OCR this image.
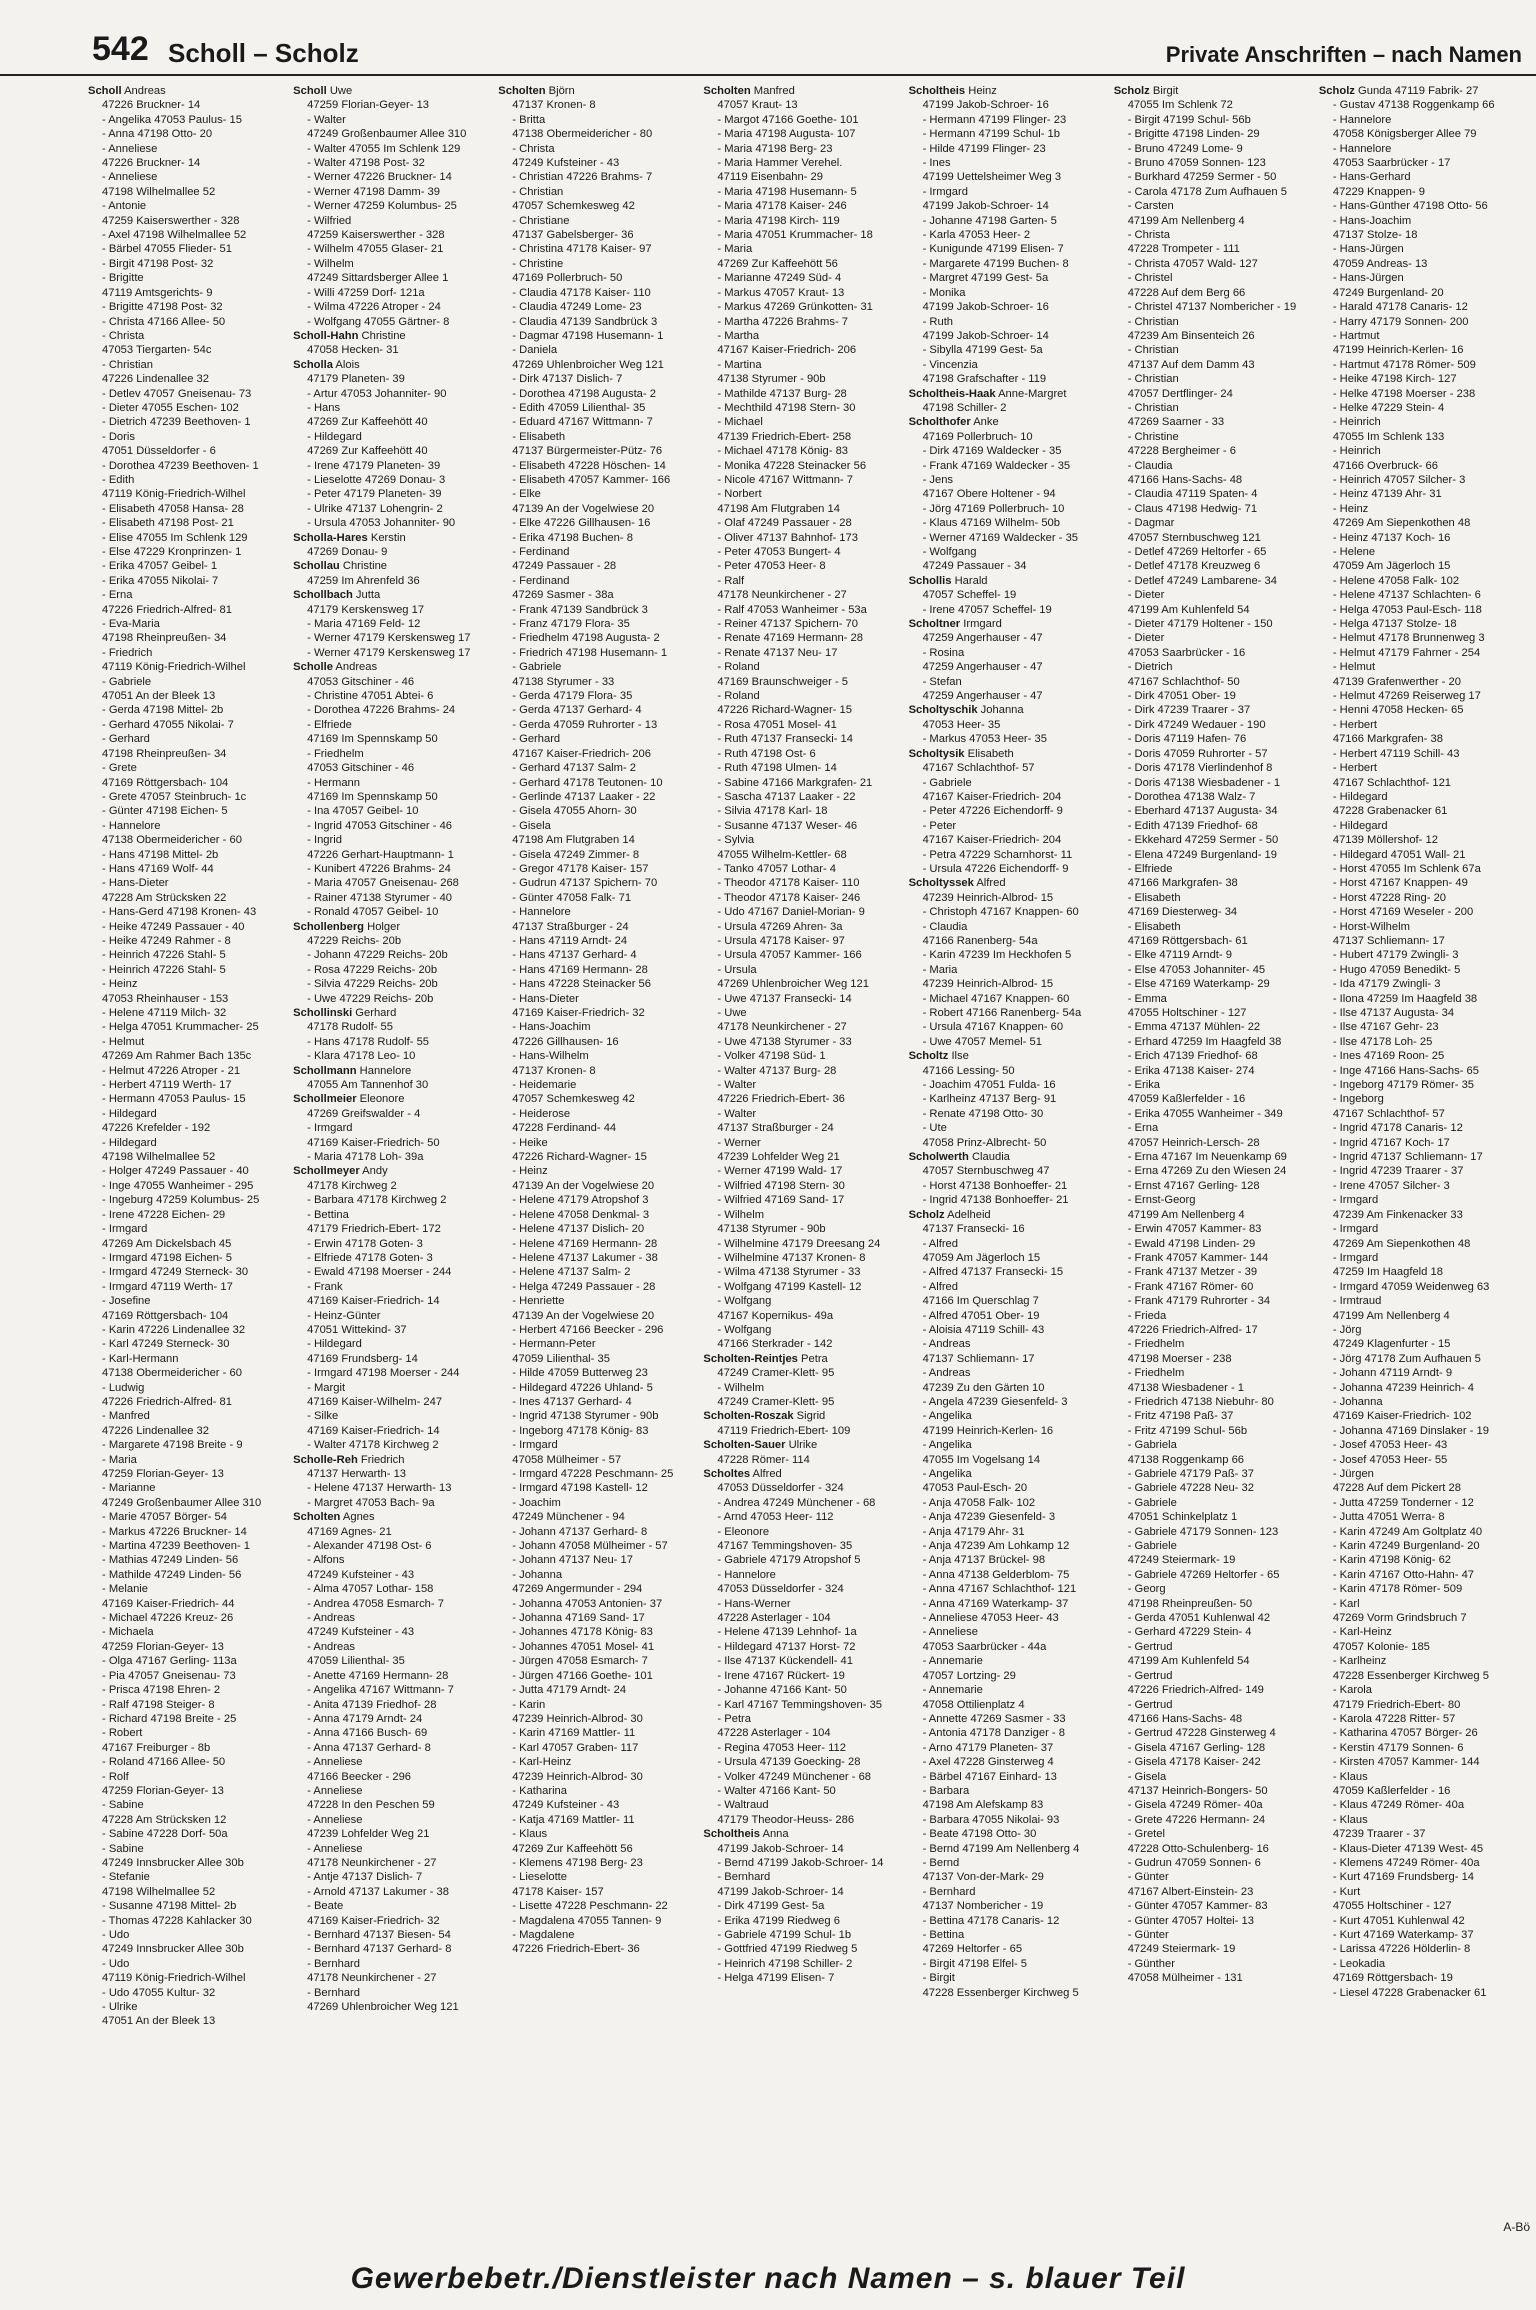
542 Scholl – Scholz	Private Anschriften – nach Namen
Scholl Andreas
47226 Bruckner- 14
- Angelika 47053 Paulus- 15
- Anna 47198 Otto- 20
- Anneliese
47226 Bruckner- 14
- Anneliese
47198 Wilhelmallee 52
- Antonie
47259 Kaiserswerther - 328
- Axel 47198 Wilhelmallee 52
- Bärbel 47055 Flieder- 51
- Birgit 47198 Post- 32
- Brigitte
47119 Amtsgerichts- 9
- Brigitte 47198 Post- 32
- Christa 47166 Allee- 50
- Christa
47053 Tiergarten- 54c
- Christian
47226 Lindenallee 32
- Detlev 47057 Gneisenau- 73
- Dieter 47055 Eschen- 102
- Dietrich 47239 Beethoven- 1
- Doris
47051 Düsseldorfer - 6
- Dorothea 47239 Beethoven- 1
- Edith
47119 König-Friedrich-Wilhel
- Elisabeth 47058 Hansa- 28
- Elisabeth 47198 Post- 21
- Elise 47055 Im Schlenk 129
- Else 47229 Kronprinzen- 1
- Erika 47057 Geibel- 1
- Erika 47055 Nikolai- 7
- Erna
47226 Friedrich-Alfred- 81
- Eva-Maria
47198 Rheinpreußen- 34
- Friedrich
47119 König-Friedrich-Wilhel
- Gabriele
47051 An der Bleek 13
- Gerda 47198 Mittel- 2b
- Gerhard 47055 Nikolai- 7
- Gerhard
47198 Rheinpreußen- 34
- Grete
47169 Röttgersbach- 104
- Grete 47057 Steinbruch- 1c
- Günter 47198 Eichen- 5
- Hannelore
47138 Obermeidericher - 60
- Hans 47198 Mittel- 2b
- Hans 47169 Wolf- 44
- Hans-Dieter
47228 Am Strücksken 22
- Hans-Gerd 47198 Kronen- 43
- Heike 47249 Passauer - 40
- Heike 47249 Rahmer - 8
- Heinrich 47226 Stahl- 5
- Heinrich 47226 Stahl- 5
- Heinz
47053 Rheinhauser - 153
- Helene 47119 Milch- 32
- Helga 47051 Krummacher- 25
- Helmut
47269 Am Rahmer Bach 135c
- Helmut 47226 Atroper - 21
- Herbert 47119 Werth- 17
- Hermann 47053 Paulus- 15
- Hildegard
47226 Krefelder - 192
- Hildegard
47198 Wilhelmallee 52
- Holger 47249 Passauer - 40
- Inge 47055 Wanheimer - 295
- Ingeburg 47259 Kolumbus- 25
- Irene 47228 Eichen- 29
- Irmgard
47269 Am Dickelsbach 45
- Irmgard 47198 Eichen- 5
- Irmgard 47249 Sterneck- 30
- Irmgard 47119 Werth- 17
- Josefine
47169 Röttgersbach- 104
- Karin 47226 Lindenallee 32
- Karl 47249 Sterneck- 30
- Karl-Hermann
47138 Obermeidericher - 60
- Ludwig
47226 Friedrich-Alfred- 81
- Manfred
47226 Lindenallee 32
- Margarete 47198 Breite - 9
- Maria
47259 Florian-Geyer- 13
- Marianne
47249 Großenbaumer Allee 310
- Marie 47057 Börger- 54
- Markus 47226 Bruckner- 14
- Martina 47239 Beethoven- 1
- Mathias 47249 Linden- 56
- Mathilde 47249 Linden- 56
- Melanie
47169 Kaiser-Friedrich- 44
- Michael 47226 Kreuz- 26
- Michaela
47259 Florian-Geyer- 13
- Olga 47167 Gerling- 113a
- Pia 47057 Gneisenau- 73
- Prisca 47198 Ehren- 2
- Ralf 47198 Steiger- 8
- Richard 47198 Breite - 25
- Robert
47167 Freiburger - 8b
- Roland 47166 Allee- 50
- Rolf
47259 Florian-Geyer- 13
- Sabine
47228 Am Strücksken 12
- Sabine 47228 Dorf- 50a
- Sabine
47249 Innsbrucker Allee 30b
- Stefanie
47198 Wilhelmallee 52
- Susanne 47198 Mittel- 2b
- Thomas 47228 Kahlacker 30
- Udo
47249 Innsbrucker Allee 30b
- Udo
47119 König-Friedrich-Wilhel
- Udo 47055 Kultur- 32
- Ulrike
47051 An der Bleek 13
Scholl Uwe
47259 Florian-Geyer- 13
- Walter
47249 Großenbaumer Allee 310
- Walter 47055 Im Schlenk 129
- Walter 47198 Post- 32
- Werner 47226 Bruckner- 14
- Werner 47198 Damm- 39
- Werner 47259 Kolumbus- 25
- Wilfried
47259 Kaiserswerther - 328
- Wilhelm 47055 Glaser- 21
- Wilhelm
47249 Sittardsberger Allee 1
- Willi 47259 Dorf- 121a
- Wilma 47226 Atroper - 24
- Wolfgang 47055 Gärtner- 8
Scholl-Hahn Christine
47058 Hecken- 31
Scholla Alois
47179 Planeten- 39
- Artur 47053 Johanniter- 90
- Hans
47269 Zur Kaffeehött 40
- Hildegard
47269 Zur Kaffeehött 40
- Irene 47179 Planeten- 39
- Lieselotte 47269 Donau- 3
- Peter 47179 Planeten- 39
- Ulrike 47137 Lohengrin- 2
- Ursula 47053 Johanniter- 90
Scholla-Hares Kerstin
47269 Donau- 9
Schollau Christine
47259 Im Ahrenfeld 36
Schollbach Jutta
47179 Kerskensweg 17
- Maria 47169 Feld- 12
- Werner 47179 Kerskensweg 17
- Werner 47179 Kerskensweg 17
Scholle Andreas
47053 Gitschiner - 46
- Christine 47051 Abtei- 6
- Dorothea 47226 Brahms- 24
- Elfriede
47169 Im Spennskamp 50
- Friedhelm
47053 Gitschiner - 46
- Hermann
47169 Im Spennskamp 50
- Ina 47057 Geibel- 10
- Ingrid 47053 Gitschiner - 46
- Ingrid
47226 Gerhart-Hauptmann- 1
- Kunibert 47226 Brahms- 24
- Maria 47057 Gneisenau- 268
- Rainer 47138 Styrumer - 40
- Ronald 47057 Geibel- 10
Schollenberg Holger
47229 Reichs- 20b
- Johann 47229 Reichs- 20b
- Rosa 47229 Reichs- 20b
- Silvia 47229 Reichs- 20b
- Uwe 47229 Reichs- 20b
Schollinski Gerhard
47178 Rudolf- 55
- Hans 47178 Rudolf- 55
- Klara 47178 Leo- 10
Schollmann Hannelore
47055 Am Tannenhof 30
Schollmeier Eleonore
47269 Greifswalder - 4
- Irmgard
47169 Kaiser-Friedrich- 50
- Maria 47178 Loh- 39a
Schollmeyer Andy
47178 Kirchweg 2
- Barbara 47178 Kirchweg 2
- Bettina
47179 Friedrich-Ebert- 172
- Erwin 47178 Goten- 3
- Elfriede 47178 Goten- 3
- Ewald 47198 Moerser - 244
- Frank
47169 Kaiser-Friedrich- 14
- Heinz-Günter
47051 Wittekind- 37
- Hildegard
47169 Frundsberg- 14
- Irmgard 47198 Moerser - 244
- Margit
47169 Kaiser-Wilhelm- 247
- Silke
47169 Kaiser-Friedrich- 14
- Walter 47178 Kirchweg 2
Scholle-Reh Friedrich
47137 Herwarth- 13
- Helene 47137 Herwarth- 13
- Margret 47053 Bach- 9a
Scholten Agnes
47169 Agnes- 21
- Alexander 47198 Ost- 6
- Alfons
47249 Kufsteiner - 43
- Alma 47057 Lothar- 158
- Andrea 47058 Esmarch- 7
- Andreas
47249 Kufsteiner - 43
- Andreas
47059 Lilienthal- 35
- Anette 47169 Hermann- 28
- Angelika 47167 Wittmann- 7
- Anita 47139 Friedhof- 28
- Anna 47179 Arndt- 24
- Anna 47166 Busch- 69
- Anna 47137 Gerhard- 8
- Anneliese
47166 Beecker - 296
- Anneliese
47228 In den Peschen 59
- Anneliese
47239 Lohfelder Weg 21
- Anneliese
47178 Neunkirchener - 27
- Antje 47137 Dislich- 7
- Arnold 47137 Lakumer - 38
- Beate
47169 Kaiser-Friedrich- 32
- Bernhard 47137 Biesen- 54
- Bernhard 47137 Gerhard- 8
- Bernhard
47178 Neunkirchener - 27
- Bernhard
47269 Uhlenbroicher Weg 121
Scholten Björn
47137 Kronen- 8
- Britta
47138 Obermeidericher - 80
- Christa
47249 Kufsteiner - 43
- Christian 47226 Brahms- 7
- Christian
47057 Schemkesweg 42
- Christiane
47137 Gabelsberger- 36
- Christina 47178 Kaiser- 97
- Christine
47169 Pollerbruch- 50
- Claudia 47178 Kaiser- 110
- Claudia 47249 Lome- 23
- Claudia 47139 Sandbrück 3
- Dagmar 47198 Husemann- 1
- Daniela
47269 Uhlenbroicher Weg 121
- Dirk 47137 Dislich- 7
- Dorothea 47198 Augusta- 2
- Edith 47059 Lilienthal- 35
- Eduard 47167 Wittmann- 7
- Elisabeth
47137 Bürgermeister-Pütz- 76
- Elisabeth 47228 Höschen- 14
- Elisabeth 47057 Kammer- 166
- Elke
47139 An der Vogelwiese 20
- Elke 47226 Gillhausen- 16
- Erika 47198 Buchen- 8
- Ferdinand
47249 Passauer - 28
- Ferdinand
47269 Sasmer - 38a
- Frank 47139 Sandbrück 3
- Franz 47179 Flora- 35
- Friedhelm 47198 Augusta- 2
- Friedrich 47198 Husemann- 1
- Gabriele
47138 Styrumer - 33
- Gerda 47179 Flora- 35
- Gerda 47137 Gerhard- 4
- Gerda 47059 Ruhrorter - 13
- Gerhard
47167 Kaiser-Friedrich- 206
- Gerhard 47137 Salm- 2
- Gerhard 47178 Teutonen- 10
- Gerlinde 47137 Laaker - 22
- Gisela 47055 Ahorn- 30
- Gisela
47198 Am Flutgraben 14
- Gisela 47249 Zimmer- 8
- Gregor 47178 Kaiser- 157
- Gudrun 47137 Spichern- 70
- Günter 47058 Falk- 71
- Hannelore
47137 Straßburger - 24
- Hans 47119 Arndt- 24
- Hans 47137 Gerhard- 4
- Hans 47169 Hermann- 28
- Hans 47228 Steinacker 56
- Hans-Dieter
47169 Kaiser-Friedrich- 32
- Hans-Joachim
47226 Gillhausen- 16
- Hans-Wilhelm
47137 Kronen- 8
- Heidemarie
47057 Schemkesweg 42
- Heiderose
47228 Ferdinand- 44
- Heike
47226 Richard-Wagner- 15
- Heinz
47139 An der Vogelwiese 20
- Helene 47179 Atropshof 3
- Helene 47058 Denkmal- 3
- Helene 47137 Dislich- 20
- Helene 47169 Hermann- 28
- Helene 47137 Lakumer - 38
- Helene 47137 Salm- 2
- Helga 47249 Passauer - 28
- Henriette
47139 An der Vogelwiese 20
- Herbert 47166 Beecker - 296
- Hermann-Peter
47059 Lilienthal- 35
- Hilde 47059 Butterweg 23
- Hildegard 47226 Uhland- 5
- Ines 47137 Gerhard- 4
- Ingrid 47138 Styrumer - 90b
- Ingeborg 47178 König- 83
- Irmgard
47058 Mülheimer - 57
- Irmgard 47228 Peschmann- 25
- Irmgard 47198 Kastell- 12
- Joachim
47249 Münchener - 94
- Johann 47137 Gerhard- 8
- Johann 47058 Mülheimer - 57
- Johann 47137 Neu- 17
- Johanna
47269 Angermunder - 294
- Johanna 47053 Antonien- 37
- Johanna 47169 Sand- 17
- Johannes 47178 König- 83
- Johannes 47051 Mosel- 41
- Jürgen 47058 Esmarch- 7
- Jürgen 47166 Goethe- 101
- Jutta 47179 Arndt- 24
- Karin
47239 Heinrich-Albrod- 30
- Karin 47169 Mattler- 11
- Karl 47057 Graben- 117
- Karl-Heinz
47239 Heinrich-Albrod- 30
- Katharina
47249 Kufsteiner - 43
- Katja 47169 Mattler- 11
- Klaus
47269 Zur Kaffeehött 56
- Klemens 47198 Berg- 23
- Lieselotte
47178 Kaiser- 157
- Lisette 47228 Peschmann- 22
- Magdalena 47055 Tannen- 9
- Magdalene
47226 Friedrich-Ebert- 36
Scholten Manfred
47057 Kraut- 13
- Margot 47166 Goethe- 101
- Maria 47198 Augusta- 107
- Maria 47198 Berg- 23
- Maria Hammer Verehel.
47119 Eisenbahn- 29
- Maria 47198 Husemann- 5
- Maria 47178 Kaiser- 246
- Maria 47198 Kirch- 119
- Maria 47051 Krummacher- 18
- Maria
47269 Zur Kaffeehött 56
- Marianne 47249 Süd- 4
- Markus 47057 Kraut- 13
- Markus 47269 Grünkotten- 31
- Martha 47226 Brahms- 7
- Martha
47167 Kaiser-Friedrich- 206
- Martina
47138 Styrumer - 90b
- Mathilde 47137 Burg- 28
- Mechthild 47198 Stern- 30
- Michael
47139 Friedrich-Ebert- 258
- Michael 47178 König- 83
- Monika 47228 Steinacker 56
- Nicole 47167 Wittmann- 7
- Norbert
47198 Am Flutgraben 14
- Olaf 47249 Passauer - 28
- Oliver 47137 Bahnhof- 173
- Peter 47053 Bungert- 4
- Peter 47053 Heer- 8
- Ralf
47178 Neunkirchener - 27
- Ralf 47053 Wanheimer - 53a
- Reiner 47137 Spichern- 70
- Renate 47169 Hermann- 28
- Renate 47137 Neu- 17
- Roland
47169 Braunschweiger - 5
- Roland
47226 Richard-Wagner- 15
- Rosa 47051 Mosel- 41
- Ruth 47137 Fransecki- 14
- Ruth 47198 Ost- 6
- Ruth 47198 Ulmen- 14
- Sabine 47166 Markgrafen- 21
- Sascha 47137 Laaker - 22
- Silvia 47178 Karl- 18
- Susanne 47137 Weser- 46
- Sylvia
47055 Wilhelm-Kettler- 68
- Tanko 47057 Lothar- 4
- Theodor 47178 Kaiser- 110
- Theodor 47178 Kaiser- 246
- Udo 47167 Daniel-Morian- 9
- Ursula 47269 Ahren- 3a
- Ursula 47178 Kaiser- 97
- Ursula 47057 Kammer- 166
- Ursula
47269 Uhlenbroicher Weg 121
- Uwe 47137 Fransecki- 14
- Uwe
47178 Neunkirchener - 27
- Uwe 47138 Styrumer - 33
- Volker 47198 Süd- 1
- Walter 47137 Burg- 28
- Walter
47226 Friedrich-Ebert- 36
- Walter
47137 Straßburger - 24
- Werner
47239 Lohfelder Weg 21
- Werner 47199 Wald- 17
- Wilfried 47198 Stern- 30
- Wilfried 47169 Sand- 17
- Wilhelm
47138 Styrumer - 90b
- Wilhelmine 47179 Dreesang 24
- Wilhelmine 47137 Kronen- 8
- Wilma 47138 Styrumer - 33
- Wolfgang 47199 Kastell- 12
- Wolfgang
47167 Kopernikus- 49a
- Wolfgang
47166 Sterkrader - 142
Scholten-Reintjes Petra
47249 Cramer-Klett- 95
- Wilhelm
47249 Cramer-Klett- 95
Scholten-Roszak Sigrid
47119 Friedrich-Ebert- 109
Scholten-Sauer Ulrike
47228 Römer- 114
Scholtes Alfred
47053 Düsseldorfer - 324
- Andrea 47249 Münchener - 68
- Arnd 47053 Heer- 112
- Eleonore
47167 Temmingshoven- 35
- Gabriele 47179 Atropshof 5
- Hannelore
47053 Düsseldorfer - 324
- Hans-Werner
47228 Asterlager - 104
- Helene 47139 Lehnhof- 1a
- Hildegard 47137 Horst- 72
- Ilse 47137 Kückendell- 41
- Irene 47167 Rückert- 19
- Johanne 47166 Kant- 50
- Karl 47167 Temmingshoven- 35
- Petra
47228 Asterlager - 104
- Regina 47053 Heer- 112
- Ursula 47139 Goecking- 28
- Volker 47249 Münchener - 68
- Walter 47166 Kant- 50
- Waltraud
47179 Theodor-Heuss- 286
Scholtheis Anna
47199 Jakob-Schroer- 14
- Bernd 47199 Jakob-Schroer- 14
- Bernhard
47199 Jakob-Schroer- 14
- Dirk 47199 Gest- 5a
- Erika 47199 Riedweg 6
- Gabriele 47199 Schul- 1b
- Gottfried 47199 Riedweg 5
- Heinrich 47198 Schiller- 2
- Helga 47199 Elisen- 7
Scholtheis Heinz
47199 Jakob-Schroer- 16
- Hermann 47199 Flinger- 23
- Hermann 47199 Schul- 1b
- Hilde 47199 Flinger- 23
- Ines
47199 Uettelsheimer Weg 3
- Irmgard
47199 Jakob-Schroer- 14
- Johanne 47198 Garten- 5
- Karla 47053 Heer- 2
- Kunigunde 47199 Elisen- 7
- Margarete 47199 Buchen- 8
- Margret 47199 Gest- 5a
- Monika
47199 Jakob-Schroer- 16
- Ruth
47199 Jakob-Schroer- 14
- Sibylla 47199 Gest- 5a
- Vincenzia
47198 Grafschafter - 119
Scholtheis-Haak Anne-Margret
47198 Schiller- 2
Scholthofer Anke
47169 Pollerbruch- 10
- Dirk 47169 Waldecker - 35
- Frank 47169 Waldecker - 35
- Jens
47167 Obere Holtener - 94
- Jörg 47169 Pollerbruch- 10
- Klaus 47169 Wilhelm- 50b
- Werner 47169 Waldecker - 35
- Wolfgang
47249 Passauer - 34
Schollis Harald
47057 Scheffel- 19
- Irene 47057 Scheffel- 19
Scholtner Irmgard
47259 Angerhauser - 47
- Rosina
47259 Angerhauser - 47
- Stefan
47259 Angerhauser - 47
Scholtyschik Johanna
47053 Heer- 35
- Markus 47053 Heer- 35
Scholtysik Elisabeth
47167 Schlachthof- 57
- Gabriele
47167 Kaiser-Friedrich- 204
- Peter 47226 Eichendorff- 9
- Peter
47167 Kaiser-Friedrich- 204
- Petra 47229 Scharnhorst- 11
- Ursula 47226 Eichendorff- 9
Scholtyssek Alfred
47239 Heinrich-Albrod- 15
- Christoph 47167 Knappen- 60
- Claudia
47166 Ranenberg- 54a
- Karin 47239 Im Heckhofen 5
- Maria
47239 Heinrich-Albrod- 15
- Michael 47167 Knappen- 60
- Robert 47166 Ranenberg- 54a
- Ursula 47167 Knappen- 60
- Uwe 47057 Memel- 51
Scholtz Ilse
47166 Lessing- 50
- Joachim 47051 Fulda- 16
- Karlheinz 47137 Berg- 91
- Renate 47198 Otto- 30
- Ute
47058 Prinz-Albrecht- 50
Scholwerth Claudia
47057 Sternbuschweg 47
- Horst 47138 Bonhoeffer- 21
- Ingrid 47138 Bonhoeffer- 21
Scholz Adelheid
47137 Fransecki- 16
- Alfred
47059 Am Jägerloch 15
- Alfred 47137 Fransecki- 15
- Alfred
47166 Im Querschlag 7
- Alfred 47051 Ober- 19
- Aloisia 47119 Schill- 43
- Andreas
47137 Schliemann- 17
- Andreas
47239 Zu den Gärten 10
- Angela 47239 Giesenfeld- 3
- Angelika
47199 Heinrich-Kerlen- 16
- Angelika
47055 Im Vogelsang 14
- Angelika
47053 Paul-Esch- 20
- Anja 47058 Falk- 102
- Anja 47239 Giesenfeld- 3
- Anja 47179 Ahr- 31
- Anja 47239 Am Lohkamp 12
- Anja 47137 Brückel- 98
- Anna 47138 Gelderblom- 75
- Anna 47167 Schlachthof- 121
- Anna 47169 Waterkamp- 37
- Anneliese 47053 Heer- 43
- Anneliese
47053 Saarbrücker - 44a
- Annemarie
47057 Lortzing- 29
- Annemarie
47058 Ottilienplatz 4
- Annette 47269 Sasmer - 33
- Antonia 47178 Danziger - 8
- Arno 47179 Planeten- 37
- Axel 47228 Ginsterweg 4
- Bärbel 47167 Einhard- 13
- Barbara
47198 Am Alefskamp 83
- Barbara 47055 Nikolai- 93
- Beate 47198 Otto- 30
- Bernd 47199 Am Nellenberg 4
- Bernd
47137 Von-der-Mark- 29
- Bernhard
47137 Nombericher - 19
- Bettina 47178 Canaris- 12
- Bettina
47269 Heltorfer - 65
- Birgit 47198 Elfel- 5
- Birgit
47228 Essenberger Kirchweg 5
Scholz Birgit
47055 Im Schlenk 72
- Birgit 47199 Schul- 56b
- Brigitte 47198 Linden- 29
- Bruno 47249 Lome- 9
- Bruno 47059 Sonnen- 123
- Burkhard 47259 Sermer - 50
- Carola 47178 Zum Aufhauen 5
- Carsten
47199 Am Nellenberg 4
- Christa
47228 Trompeter - 111
- Christa 47057 Wald- 127
- Christel
47228 Auf dem Berg 66
- Christel 47137 Nombericher - 19
- Christian
47239 Am Binsenteich 26
- Christian
47137 Auf dem Damm 43
- Christian
47057 Dertflinger- 24
- Christian
47269 Saarner - 33
- Christine
47228 Bergheimer - 6
- Claudia
47166 Hans-Sachs- 48
- Claudia 47119 Spaten- 4
- Claus 47198 Hedwig- 71
- Dagmar
47057 Sternbuschweg 121
- Detlef 47269 Heltorfer - 65
- Detlef 47178 Kreuzweg 6
- Detlef 47249 Lambarene- 34
- Dieter
47199 Am Kuhlenfeld 54
- Dieter 47179 Holtener - 150
- Dieter
47053 Saarbrücker - 16
- Dietrich
47167 Schlachthof- 50
- Dirk 47051 Ober- 19
- Dirk 47239 Traarer - 37
- Dirk 47249 Wedauer - 190
- Doris 47119 Hafen- 76
- Doris 47059 Ruhrorter - 57
- Doris 47178 Vierlindenhof 8
- Doris 47138 Wiesbadener - 1
- Dorothea 47138 Walz- 7
- Eberhard 47137 Augusta- 34
- Edith 47139 Friedhof- 68
- Ekkehard 47259 Sermer - 50
- Elena 47249 Burgenland- 19
- Elfriede
47166 Markgrafen- 38
- Elisabeth
47169 Diesterweg- 34
- Elisabeth
47169 Röttgersbach- 61
- Elke 47119 Arndt- 9
- Else 47053 Johanniter- 45
- Else 47169 Waterkamp- 29
- Emma
47055 Holtschiner - 127
- Emma 47137 Mühlen- 22
- Erhard 47259 Im Haagfeld 38
- Erich 47139 Friedhof- 68
- Erika 47138 Kaiser- 274
- Erika
47059 Kaßlerfelder - 16
- Erika 47055 Wanheimer - 349
- Erna
47057 Heinrich-Lersch- 28
- Erna 47167 Im Neuenkamp 69
- Erna 47269 Zu den Wiesen 24
- Ernst 47167 Gerling- 128
- Ernst-Georg
47199 Am Nellenberg 4
- Erwin 47057 Kammer- 83
- Ewald 47198 Linden- 29
- Frank 47057 Kammer- 144
- Frank 47137 Metzer - 39
- Frank 47167 Römer- 60
- Frank 47179 Ruhrorter - 34
- Frieda
47226 Friedrich-Alfred- 17
- Friedhelm
47198 Moerser - 238
- Friedhelm
47138 Wiesbadener - 1
- Friedrich 47138 Niebuhr- 80
- Fritz 47198 Paß- 37
- Fritz 47199 Schul- 56b
- Gabriela
47138 Roggenkamp 66
- Gabriele 47179 Paß- 37
- Gabriele 47228 Neu- 32
- Gabriele
47051 Schinkelplatz 1
- Gabriele 47179 Sonnen- 123
- Gabriele
47249 Steiermark- 19
- Gabriele 47269 Heltorfer - 65
- Georg
47198 Rheinpreußen- 50
- Gerda 47051 Kuhlenwal 42
- Gerhard 47229 Stein- 4
- Gertrud
47199 Am Kuhlenfeld 54
- Gertrud
47226 Friedrich-Alfred- 149
- Gertrud
47166 Hans-Sachs- 48
- Gertrud 47228 Ginsterweg 4
- Gisela 47167 Gerling- 128
- Gisela 47178 Kaiser- 242
- Gisela
47137 Heinrich-Bongers- 50
- Gisela 47249 Römer- 40a
- Grete 47226 Hermann- 24
- Gretel
47228 Otto-Schulenberg- 16
- Gudrun 47059 Sonnen- 6
- Günter
47167 Albert-Einstein- 23
- Günter 47057 Kammer- 83
- Günter 47057 Holtei- 13
- Günter
47249 Steiermark- 19
- Günther
47058 Mülheimer - 131
Scholz Gunda 47119 Fabrik- 27
- Gustav 47138 Roggenkamp 66
- Hannelore
47058 Königsberger Allee 79
- Hannelore
47053 Saarbrücker - 17
- Hans-Gerhard
47229 Knappen- 9
- Hans-Günther 47198 Otto- 56
- Hans-Joachim
47137 Stolze- 18
- Hans-Jürgen
47059 Andreas- 13
- Hans-Jürgen
47249 Burgenland- 20
- Harald 47178 Canaris- 12
- Harry 47179 Sonnen- 200
- Hartmut
47199 Heinrich-Kerlen- 16
- Hartmut 47178 Römer- 509
- Heike 47198 Kirch- 127
- Helke 47198 Moerser - 238
- Helke 47229 Stein- 4
- Heinrich
47055 Im Schlenk 133
- Heinrich
47166 Overbruck- 66
- Heinrich 47057 Silcher- 3
- Heinz 47139 Ahr- 31
- Heinz
47269 Am Siepenkothen 48
- Heinz 47137 Koch- 16
- Helene
47059 Am Jägerloch 15
- Helene 47058 Falk- 102
- Helene 47137 Schlachten- 6
- Helga 47053 Paul-Esch- 118
- Helga 47137 Stolze- 18
- Helmut 47178 Brunnenweg 3
- Helmut 47179 Fahrner - 254
- Helmut
47139 Grafenwerther - 20
- Helmut 47269 Reiserweg 17
- Henni 47058 Hecken- 65
- Herbert
47166 Markgrafen- 38
- Herbert 47119 Schill- 43
- Herbert
47167 Schlachthof- 121
- Hildegard
47228 Grabenacker 61
- Hildegard
47139 Möllershof- 12
- Hildegard 47051 Wall- 21
- Horst 47055 Im Schlenk 67a
- Horst 47167 Knappen- 49
- Horst 47228 Ring- 20
- Horst 47169 Weseler - 200
- Horst-Wilhelm
47137 Schliemann- 17
- Hubert 47179 Zwingli- 3
- Hugo 47059 Benedikt- 5
- Ida 47179 Zwingli- 3
- Ilona 47259 Im Haagfeld 38
- Ilse 47137 Augusta- 34
- Ilse 47167 Gehr- 23
- Ilse 47178 Loh- 25
- Ines 47169 Roon- 25
- Inge 47166 Hans-Sachs- 65
- Ingeborg 47179 Römer- 35
- Ingeborg
47167 Schlachthof- 57
- Ingrid 47178 Canaris- 12
- Ingrid 47167 Koch- 17
- Ingrid 47137 Schliemann- 17
- Ingrid 47239 Traarer - 37
- Irene 47057 Silcher- 3
- Irmgard
47239 Am Finkenacker 33
- Irmgard
47269 Am Siepenkothen 48
- Irmgard
47259 Im Haagfeld 18
- Irmgard 47059 Weidenweg 63
- Irmtraud
47199 Am Nellenberg 4
- Jörg
47249 Klagenfurter - 15
- Jörg 47178 Zum Aufhauen 5
- Johann 47119 Arndt- 9
- Johanna 47239 Heinrich- 4
- Johanna
47169 Kaiser-Friedrich- 102
- Johanna 47169 Dinslaker - 19
- Josef 47053 Heer- 43
- Josef 47053 Heer- 55
- Jürgen
47228 Auf dem Pickert 28
- Jutta 47259 Tonderner - 12
- Jutta 47051 Werra- 8
- Karin 47249 Am Goltplatz 40
- Karin 47249 Burgenland- 20
- Karin 47198 König- 62
- Karin 47167 Otto-Hahn- 47
- Karin 47178 Römer- 509
- Karl
47269 Vorm Grindsbruch 7
- Karl-Heinz
47057 Kolonie- 185
- Karlheinz
47228 Essenberger Kirchweg 5
- Karola
47179 Friedrich-Ebert- 80
- Karola 47228 Ritter- 57
- Katharina 47057 Börger- 26
- Kerstin 47179 Sonnen- 6
- Kirsten 47057 Kammer- 144
- Klaus
47059 Kaßlerfelder - 16
- Klaus 47249 Römer- 40a
- Klaus
47239 Traarer - 37
- Klaus-Dieter 47139 West- 45
- Klemens 47249 Römer- 40a
- Kurt 47169 Frundsberg- 14
- Kurt
47055 Holtschiner - 127
- Kurt 47051 Kuhlenwal 42
- Kurt 47169 Waterkamp- 37
- Larissa 47226 Hölderlin- 8
- Leokadia
47169 Röttgersbach- 19
- Liesel 47228 Grabenacker 61
A-Bö
Gewerbebetr./Dienstleister nach Namen – s. blauer Teil
